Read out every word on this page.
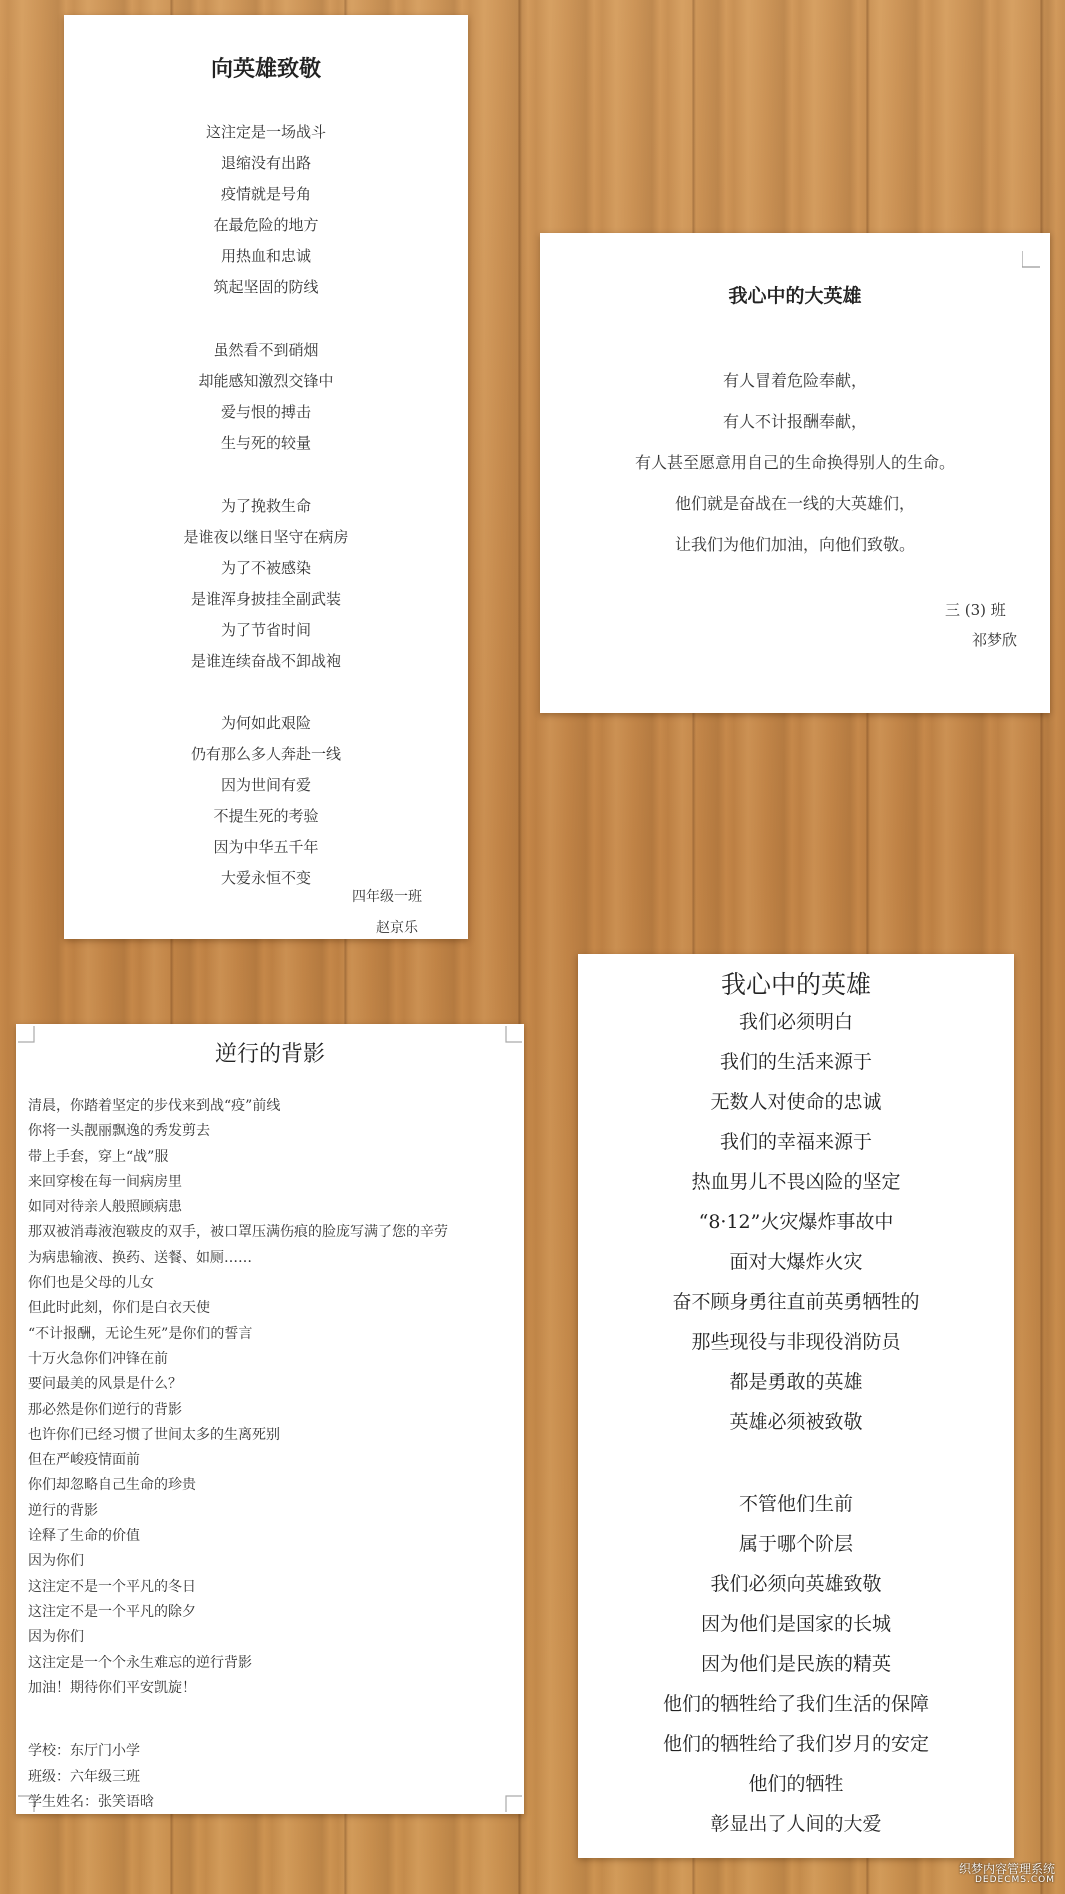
向英雄致敬
这注定是一场战斗
退缩没有出路
疫情就是号角
在最危险的地方
用热血和忠诚
筑起坚固的防线
虽然看不到硝烟
却能感知激烈交锋中
爱与恨的搏击
生与死的较量
为了挽救生命
是谁夜以继日坚守在病房
为了不被感染
是谁浑身披挂全副武装
为了节省时间
是谁连续奋战不卸战袍
为何如此艰险
仍有那么多人奔赴一线
因为世间有爱
不提生死的考验
因为中华五千年
大爱永恒不变
四年级一班
赵京乐
我心中的大英雄
有人冒着危险奉献，
有人不计报酬奉献，
有人甚至愿意用自己的生命换得别人的生命。
他们就是奋战在一线的大英雄们，
让我们为他们加油，向他们致敬。
三 (3) 班
祁梦欣
逆行的背影
清晨，你踏着坚定的步伐来到战“疫”前线
你将一头靓丽飘逸的秀发剪去
带上手套，穿上“战”服
来回穿梭在每一间病房里
如同对待亲人般照顾病患
那双被消毒液泡皲皮的双手，被口罩压满伤痕的脸庞写满了您的辛劳
为病患输液、换药、送餐、如厕……
你们也是父母的儿女
但此时此刻，你们是白衣天使
“不计报酬，无论生死”是你们的誓言
十万火急你们冲锋在前
要问最美的风景是什么？
那必然是你们逆行的背影
也许你们已经习惯了世间太多的生离死别
但在严峻疫情面前
你们却忽略自己生命的珍贵
逆行的背影
诠释了生命的价值
因为你们
这注定不是一个平凡的冬日
这注定不是一个平凡的除夕
因为你们
这注定是一个个永生难忘的逆行背影
加油！期待你们平安凯旋！
学校：东厅门小学
班级：六年级三班
学生姓名：张笑语晗
我心中的英雄
我们必须明白
我们的生活来源于
无数人对使命的忠诚
我们的幸福来源于
热血男儿不畏凶险的坚定
“8·12”火灾爆炸事故中
面对大爆炸火灾
奋不顾身勇往直前英勇牺牲的
那些现役与非现役消防员
都是勇敢的英雄
英雄必须被致敬
不管他们生前
属于哪个阶层
我们必须向英雄致敬
因为他们是国家的长城
因为他们是民族的精英
他们的牺牲给了我们生活的保障
他们的牺牲给了我们岁月的安定
他们的牺牲
彰显出了人间的大爱
织梦内容管理系统
DEDECMS.COM
